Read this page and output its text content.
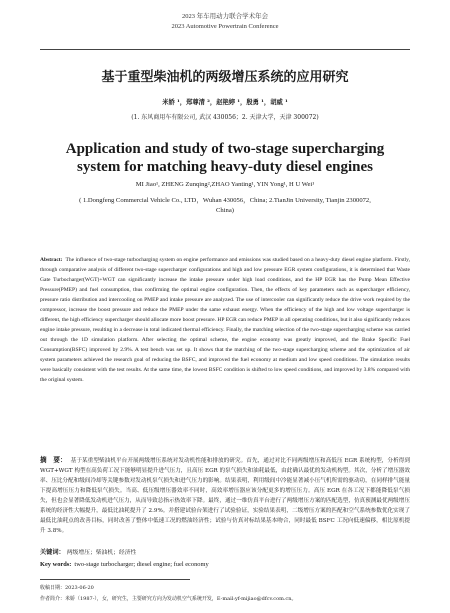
2023 年车用动力联合学术年会
2023 Automotive Powertrain Conference
基于重型柴油机的两级增压系统的应用研究
米娇 ¹，郑尊清 ²，赵艳婷 ¹，殷勇 ¹，胡威 ¹
(1. 东风商用车有限公司, 武汉 430056；2. 天津大学，天津 300072)
Application and study of two-stage supercharging system for matching heavy-duty diesel engines
MI Jiao¹, ZHENG Zunqing²,ZHAO Yanting¹, YIN Yong¹, H U Wei¹
( 1.Dongfeng Commercial Vehicle Co., LTD，Wuhan 430056，China; 2.TianJin University, Tianjin 2300072, China)
Abstract: The influence of two-stage turbocharging system on engine performance and emissions was studied based on a heavy-duty diesel engine platform. Firstly, through comparative analysis of different two-stage supercharger configurations and high and low pressure EGR system configurations, it is determined that Waste Gate Turbocharger(WGT)+WGT can significantly increase the intake pressure under high load conditions, and the HP EGR has the Pump Mean Effective Pressure(PMEP) and fuel consumption, thus confirming the optimal engine configuration. Then, the effects of key parameters such as supercharger efficiency, pressure ratio distribution and intercooling on PMEP and intake pressure are analyzed. The use of intercooler can significantly reduce the drive work required by the compressor, increase the boost pressure and reduce the PMEP under the same exhaust energy. When the efficiency of the high and low voltage supercharger is different, the high efficiency supercharger should allocate more boost pressure. HP EGR can reduce PMEP in all operating conditions, but it also significantly reduces engine intake pressure, resulting in a decrease in total indicated thermal efficiency. Finally, the matching selection of the two-stage supercharging scheme was carried out through the 1D simulation platform. After selecting the optimal scheme, the engine economy was greatly improved, and the Brake Specific Fuel Consumption(BSFC) improved by 2.9%. A test bench was set up. It shows that the matching of the two-stage supercharging scheme and the optimization of air system parameters achieved the research goal of reducing the BSFC, and improved the fuel economy at medium and low speed conditions. The simulation results were basically consistent with the test results. At the same time, the lowest BSFC condition is shifted to low speed conditions, and improved by 3.8% compared with the original system.
摘　要： 基于某重型柴油机平台开展两级增压系统对发动机性能和排放的研究。首先，通过对比不同两级增压和高低压 EGR 系统构型，分析得到 WGT+WGT 构型在高负荷工况下能够明显提升进气压力，且高压 EGR 的泵气损失和油耗最低，由此确认最优的发动机构型。其次，分析了增压器效率、压比分配和级间冷却等关键参数对发动机泵气损失和进气压力的影响。结果表明，利用级间中冷能显著减小压气机所需的驱动功，在同样排气能量下提高增压压力和降低泵气损失。当高、低压级增压器效率不同时，高效率增压器应该分配更多的增压压力。高压 EGR 在各工况下都能降低泵气损失，但也会显著降低发动机进气压力，从而导致总指示热效率下降。最终，通过一维仿真平台进行了两级增压方案的匹配选型，仿真预测最优两级增压系统的经济性大幅提升，最低比油耗提升了 2.9%。并搭建试验台架进行了试验验证，实验结果表明，二级增压方案的匹配和空气系统参数优化实现了最低比油耗点的改善目标，同时改善了整体中低速工况的燃油经济性；试验与仿真对标结果基本吻合，同时最低 BSFC 工况向低速偏移，相比原机提升 3.8%。
关键词： 两级增压；柴油机；经济性
Key words: two-stage turbocharger; diesel engine; fuel economy
收稿日期：2023-06-20
作者简介：米娇（1987-），女，研究生，主要研究方向为发动机空气系统开发，E-mail:yf-mijiao@dfcv.com.cn。
